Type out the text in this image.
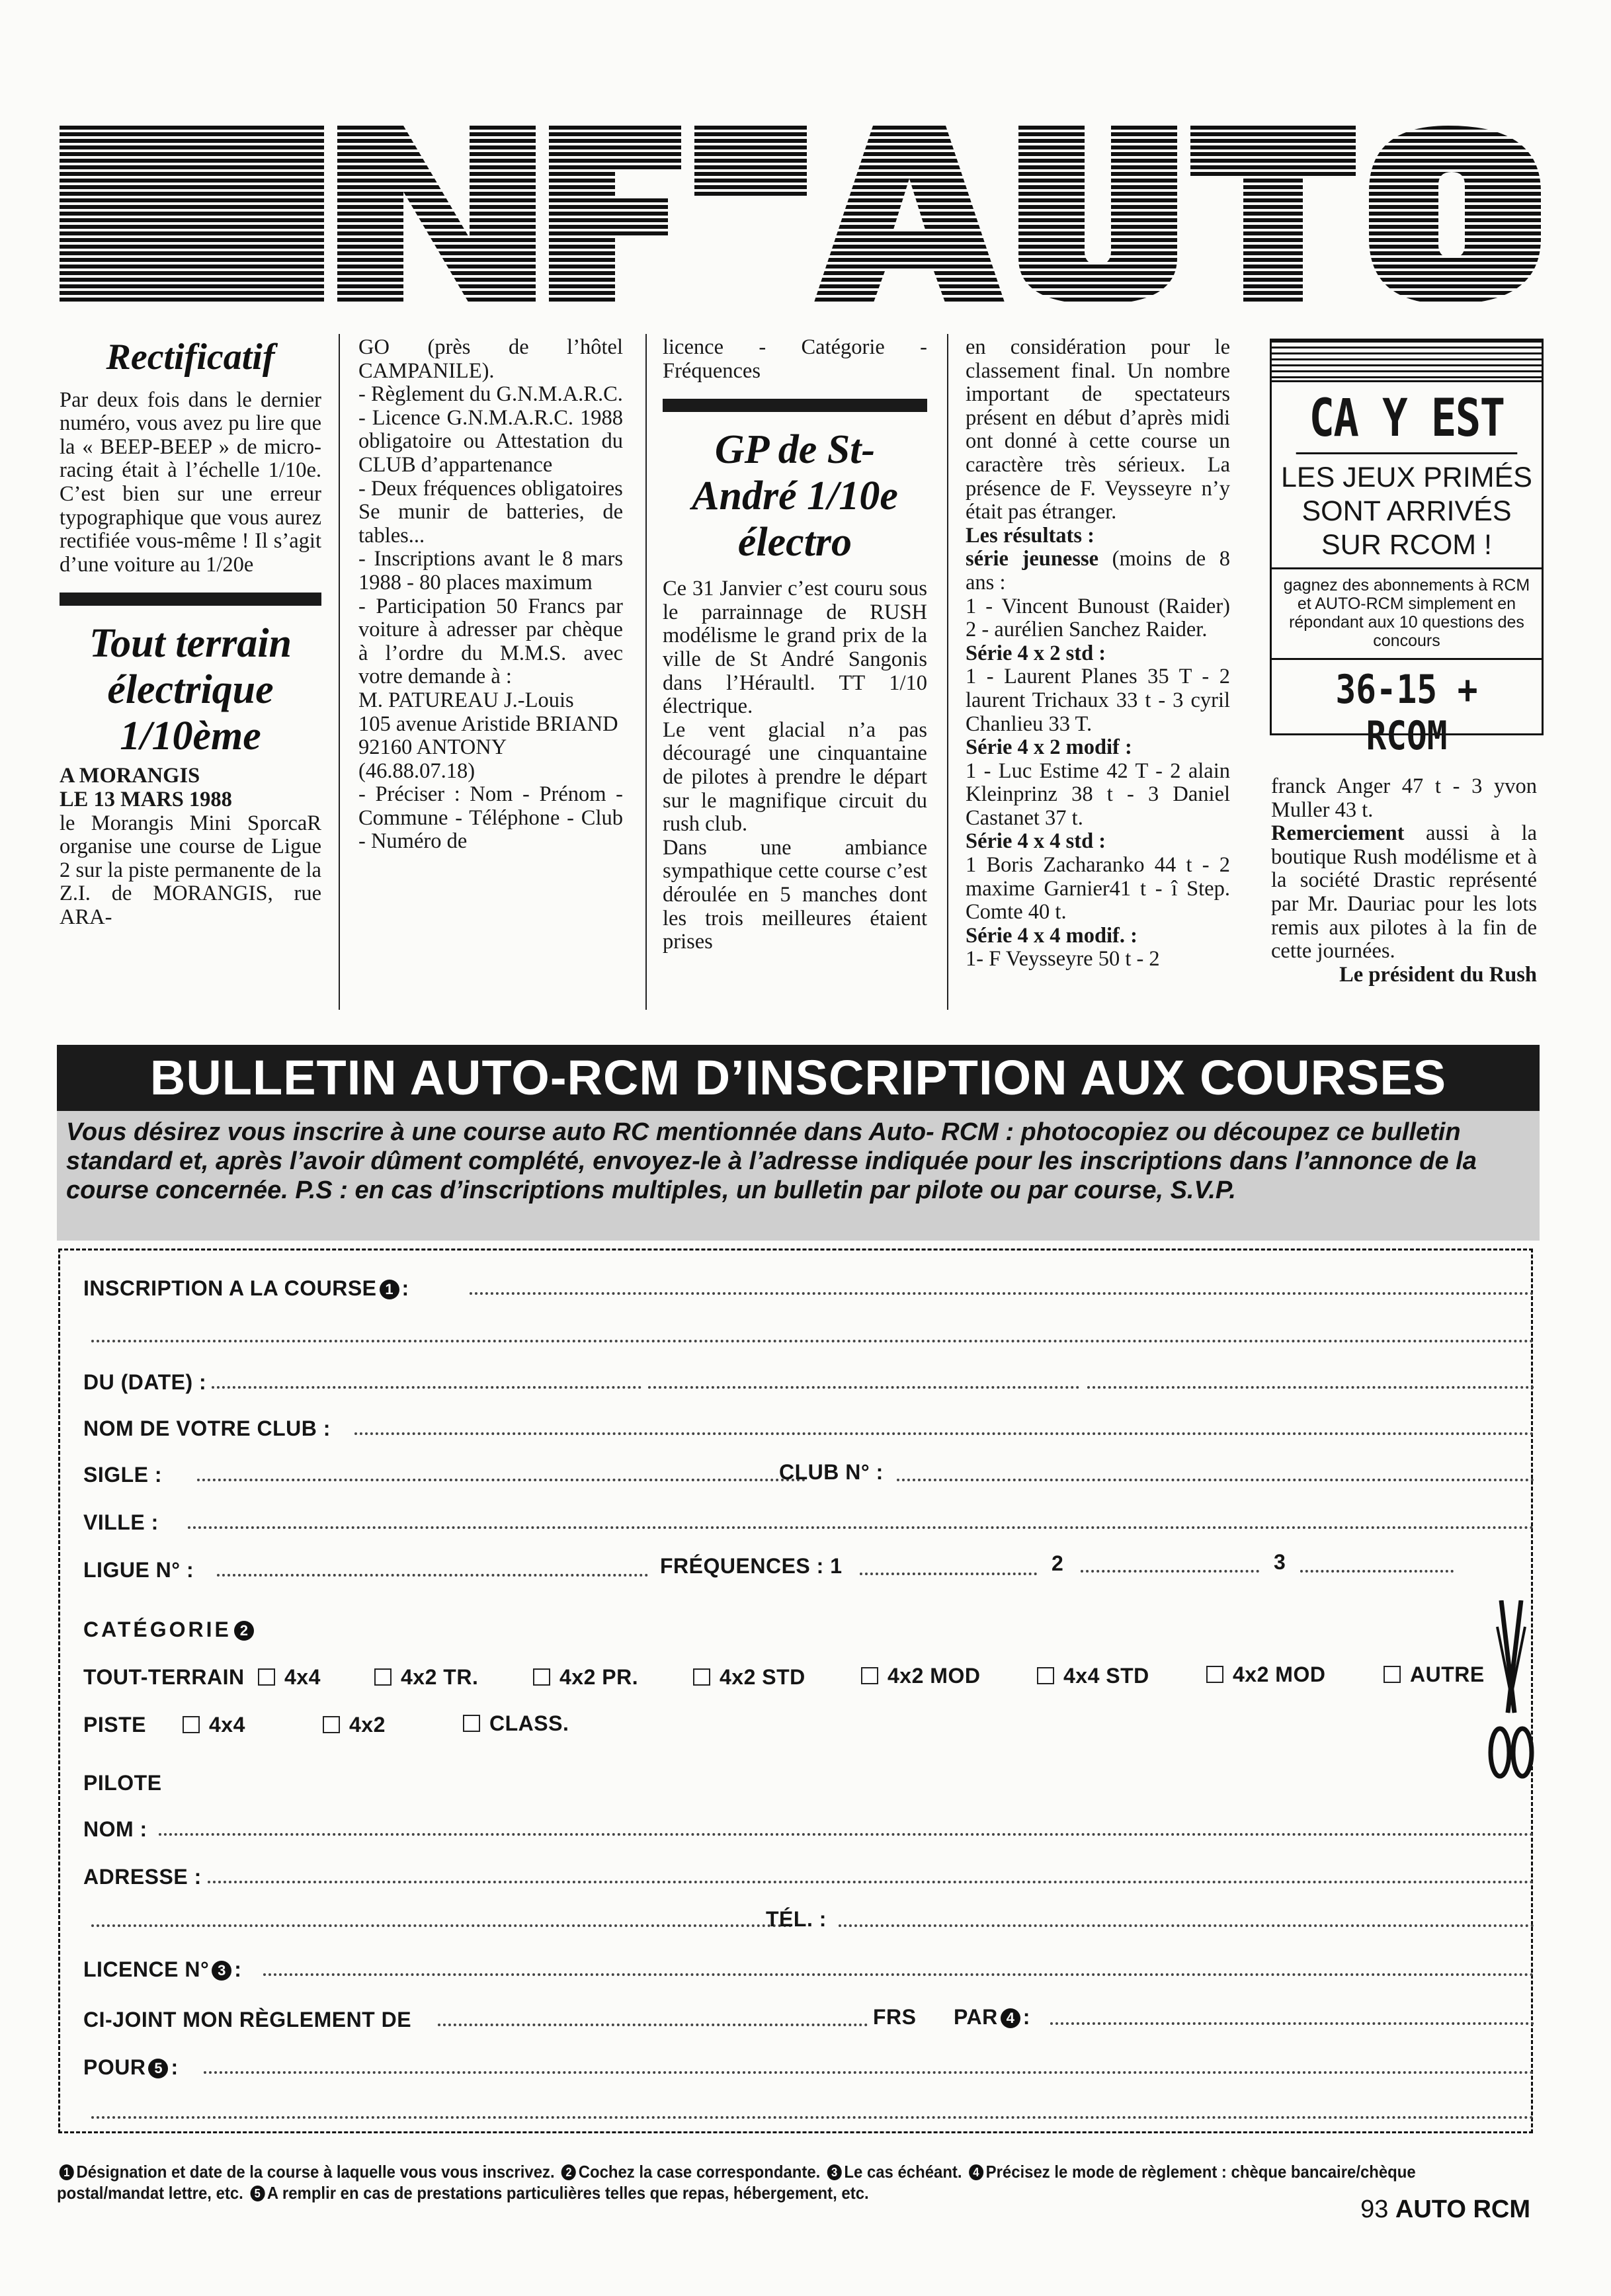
Rectificatif

Par deux fois dans le dernier numéro, vous avez pu lire que la « BEEP-BEEP » de micro-racing était à l’échelle 1/10e. C’est bien sur une erreur typographique que vous aurez rectifiée vous-même ! Il s’agit d’une voiture au 1/20e

Tout terrain électrique 1/10ème

A MORANGIS

LE 13 MARS 1988

le Morangis Mini SporcaR organise une course de Ligue 2 sur la piste permanente de la Z.I. de MORANGIS, rue ARA-

GO (près de l’hôtel CAMPANILE).

- Règlement du G.N.M.A.R.C.

- Licence G.N.M.A.R.C. 1988 obligatoire ou Attestation du CLUB d’appartenance

- Deux fréquences obligatoires

Se munir de batteries, de tables...

- Inscriptions avant le 8 mars 1988 - 80 places maximum

- Participation 50 Francs par voiture à adresser par chèque à l’ordre du M.M.S. avec votre demande à :

M. PATUREAU J.-Louis

105 avenue Aristide BRIAND

92160 ANTONY

(46.88.07.18)

- Préciser : Nom - Prénom - Commune - Téléphone - Club - Numéro de

licence - Catégorie - Fréquences

GP de St-André 1/10e électro

Ce 31 Janvier c’est couru sous le parrainnage de RUSH modélisme le grand prix de la ville de St André Sangonis dans l’Héraultl. TT 1/10 électrique.

Le vent glacial n’a pas découragé une cinquantaine de pilotes à prendre le départ sur le magnifique circuit du rush club.

Dans une ambiance sympathique cette course c’est déroulée en 5 manches dont les trois meilleures étaient prises

en considération pour le classement final. Un nombre important de spectateurs présent en début d’après midi ont donné à cette course un caractère très sérieux. La présence de F. Veysseyre n’y était pas étranger.

Les résultats :

série jeunesse (moins de 8 ans :

1 - Vincent Bunoust (Raider) 2 - aurélien Sanchez Raider.

Série 4 x 2 std :

1 - Laurent Planes 35 T - 2 laurent Trichaux 33 t - 3 cyril Chanlieu 33 T.

Série 4 x 2 modif :

1 - Luc Estime 42 T - 2 alain Kleinprinz 38 t - 3 Daniel Castanet 37 t.

Série 4 x 4 std :

1 Boris Zacharanko 44 t - 2 maxime Garnier41 t - î Step. Comte 40 t.

Série 4 x 4 modif. :

1- F Veysseyre 50 t - 2

CA Y EST
LES JEUX PRIMÉS SONT ARRIVÉS SUR RCOM !
gagnez des abonnements à RCM et AUTO-RCM simplement en répondant aux 10 questions des concours
36-15 + RCOM

franck Anger 47 t - 3 yvon Muller 43 t.

Remerciement aussi à la boutique Rush modélisme et à la société Drastic représenté par Mr. Dauriac pour les lots remis aux pilotes à la fin de cette journées.

Le président du Rush

BULLETIN AUTO-RCM D’INSCRIPTION AUX COURSES
Vous désirez vous inscrire à une course auto RC mentionnée dans Auto- RCM : photocopiez ou découpez ce bulletin standard et, après l’avoir dûment complété, envoyez-le à l’adresse indiquée pour les inscriptions dans l’annonce de la course concernée. P.S : en cas d’inscriptions multiples, un bulletin par pilote ou par course, S.V.P.
INSCRIPTION A LA COURSE 1 :
DU (DATE) :
NOM DE VOTRE CLUB :
SIGLE :	CLUB N° :
VILLE :
LIGUE N° :	FRÉQUENCES : 1	2	3
CATÉGORIE 2
TOUT-TERRAIN	4x4	4x2 TR.	4x2 PR.	4x2 STD	4x2 MOD	4x4 STD	4x2 MOD	AUTRE
PISTE	4x4	4x2	CLASS.
PILOTE
NOM :
ADRESSE :
TÉL. :
LICENCE N° 3 :
CI-JOINT MON RÈGLEMENT DE	FRS PAR 4 :
POUR 5 :
1 Désignation et date de la course à laquelle vous vous inscrivez. 2 Cochez la case correspondante. 3 Le cas échéant. 4 Précisez le mode de règlement : chèque bancaire/chèque postal/mandat lettre, etc. 5 A remplir en cas de prestations particulières telles que repas, hébergement, etc.
93 AUTO RCM
